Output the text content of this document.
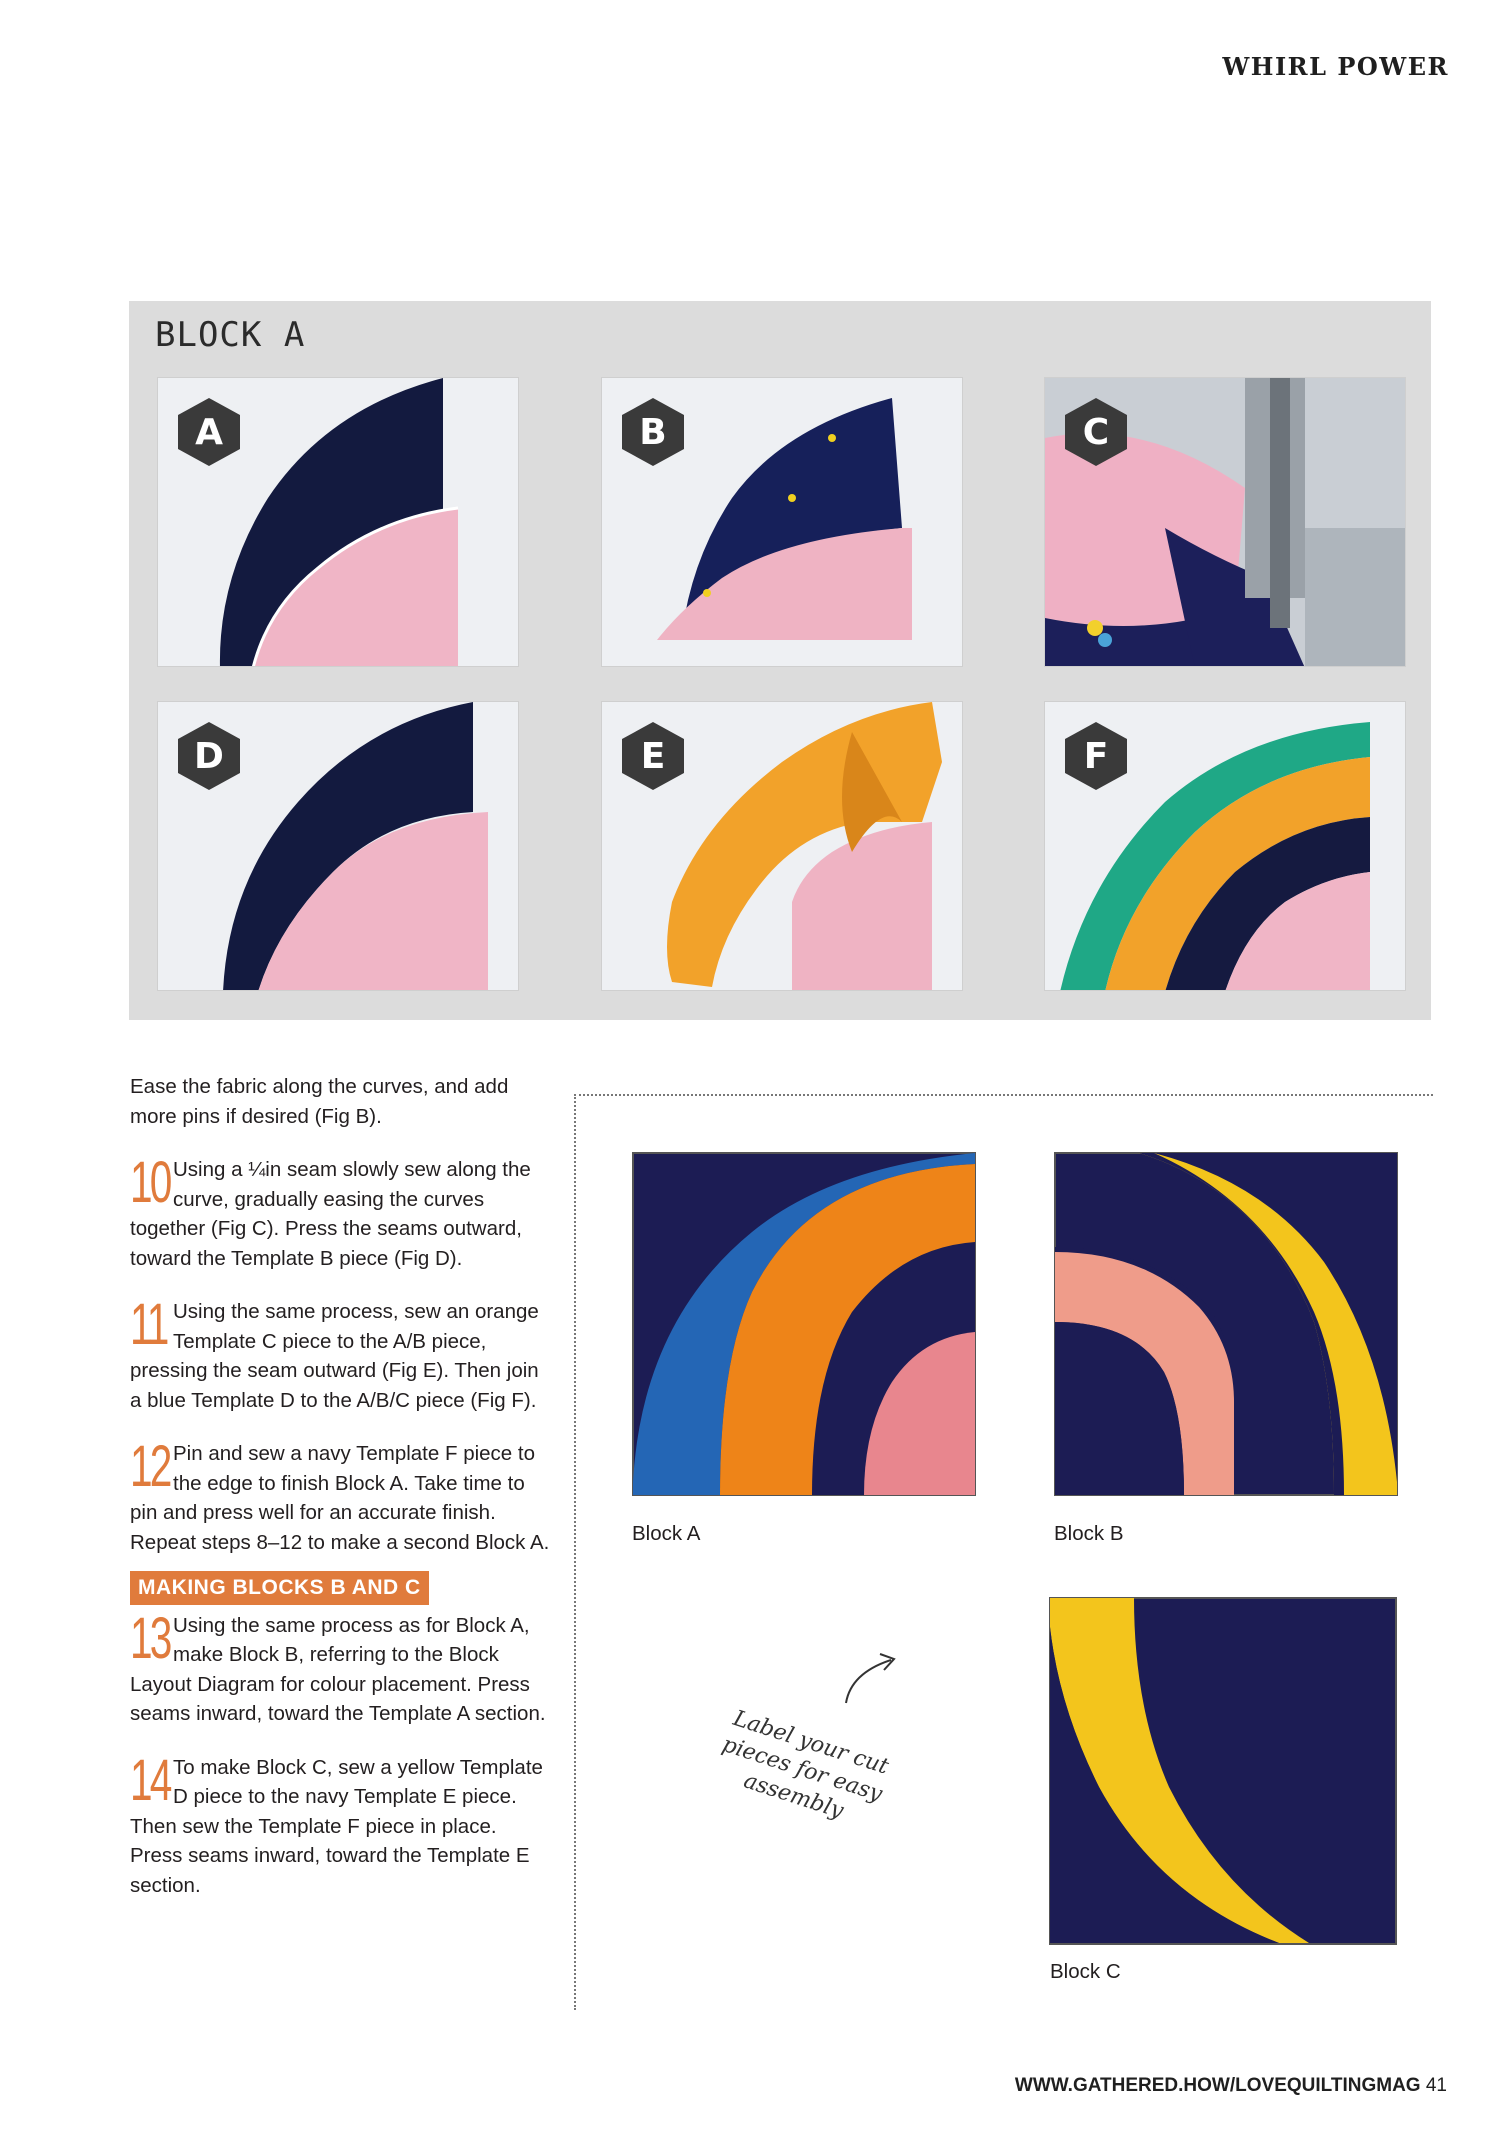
WHIRL POWER
BLOCK A
A	B	C
D	E	F

Ease the fabric along the curves, and add more pins if desired (Fig B).

10 Using a ¼in seam slowly sew along the curve, gradually easing the curves together (Fig C). Press the seams outward, toward the Template B piece (Fig D).

11 Using the same process, sew an orange Template C piece to the A/B piece, pressing the seam outward (Fig E). Then join a blue Template D to the A/B/C piece (Fig F).

12 Pin and sew a navy Template F piece to the edge to finish Block A. Take time to pin and press well for an accurate finish. Repeat steps 8–12 to make a second Block A.

MAKING BLOCKS B AND C

13 Using the same process as for Block A, make Block B, referring to the Block Layout Diagram for colour placement. Press seams inward, toward the Template A section.

14 To make Block C, sew a yellow Template D piece to the navy Template E piece. Then sew the Template F piece in place. Press seams inward, toward the Template E section.

Block A	Block B
Block C
Label your cut pieces for easy assembly
WWW.GATHERED.HOW/LOVEQUILTINGMAG 41
